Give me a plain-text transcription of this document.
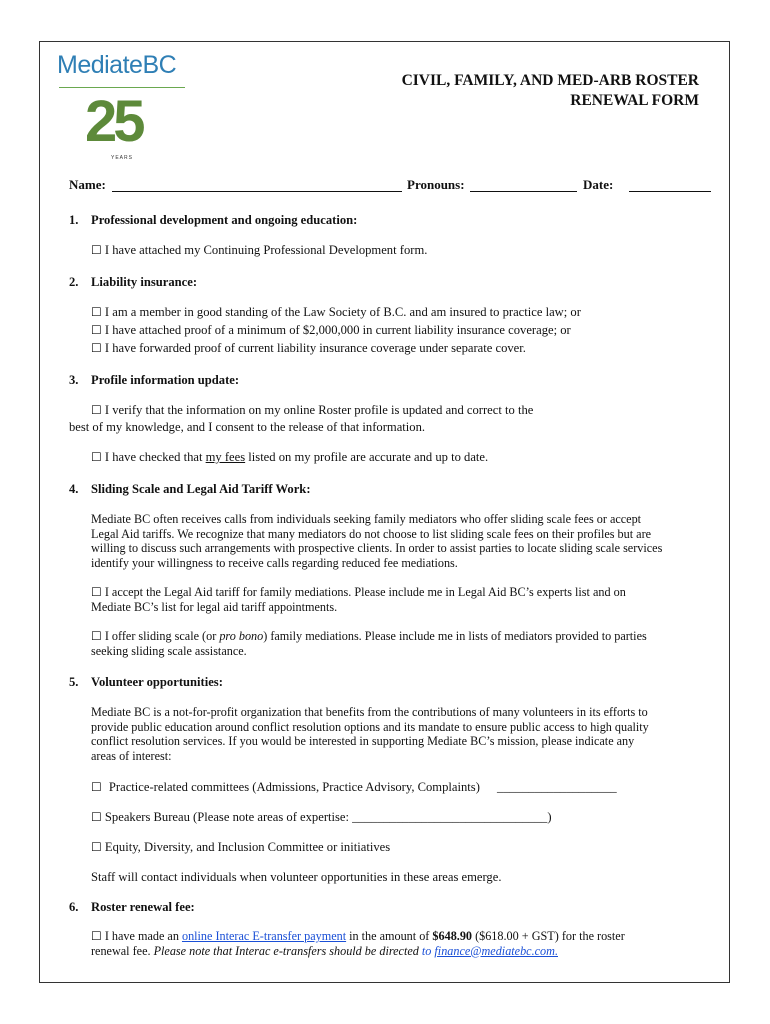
MediateBC
25
YEARS
CIVIL, FAMILY, AND MED-ARB ROSTER
RENEWAL FORM
Name:	Pronouns:	Date:
1. Professional development and ongoing education:

☐ I have attached my Continuing Professional Development form.

2. Liability insurance:

☐ I am a member in good standing of the Law Society of B.C. and am insured to practice law; or

☐ I have attached proof of a minimum of $2,000,000 in current liability insurance coverage; or

☐ I have forwarded proof of current liability insurance coverage under separate cover.

3. Profile information update:

☐ I verify that the information on my online Roster profile is updated and correct to the

best of my knowledge, and I consent to the release of that information.

☐ I have checked that my fees listed on my profile are accurate and up to date.

4. Sliding Scale and Legal Aid Tariff Work:
Mediate BC often receives calls from individuals seeking family mediators who offer sliding scale fees or accept
Legal Aid tariffs. We recognize that many mediators do not choose to list sliding scale fees on their profiles but are
willing to discuss such arrangements with prospective clients. In order to assist parties to locate sliding scale services
identify your willingness to receive calls regarding reduced fee mediations.
☐ I accept the Legal Aid tariff for family mediations. Please include me in Legal Aid BC’s experts list and on
Mediate BC’s list for legal aid tariff appointments.
☐ I offer sliding scale (or pro bono) family mediations. Please include me in lists of mediators provided to parties
seeking sliding scale assistance.
5. Volunteer opportunities:
Mediate BC is a not-for-profit organization that benefits from the contributions of many volunteers in its efforts to
provide public education around conflict resolution options and its mandate to ensure public access to high quality
conflict resolution services. If you would be interested in supporting Mediate BC’s mission, please indicate any
areas of interest:

☐ Practice-related committees (Admissions, Practice Advisory, Complaints) ___________________

☐ Speakers Bureau (Please note areas of expertise: _______________________________)

☐ Equity, Diversity, and Inclusion Committee or initiatives

Staff will contact individuals when volunteer opportunities in these areas emerge.

6. Roster renewal fee:
☐ I have made an online Interac E-transfer payment in the amount of $648.90 ($618.00 + GST) for the roster
renewal fee. Please note that Interac e-transfers should be directed to finance@mediatebc.com.
